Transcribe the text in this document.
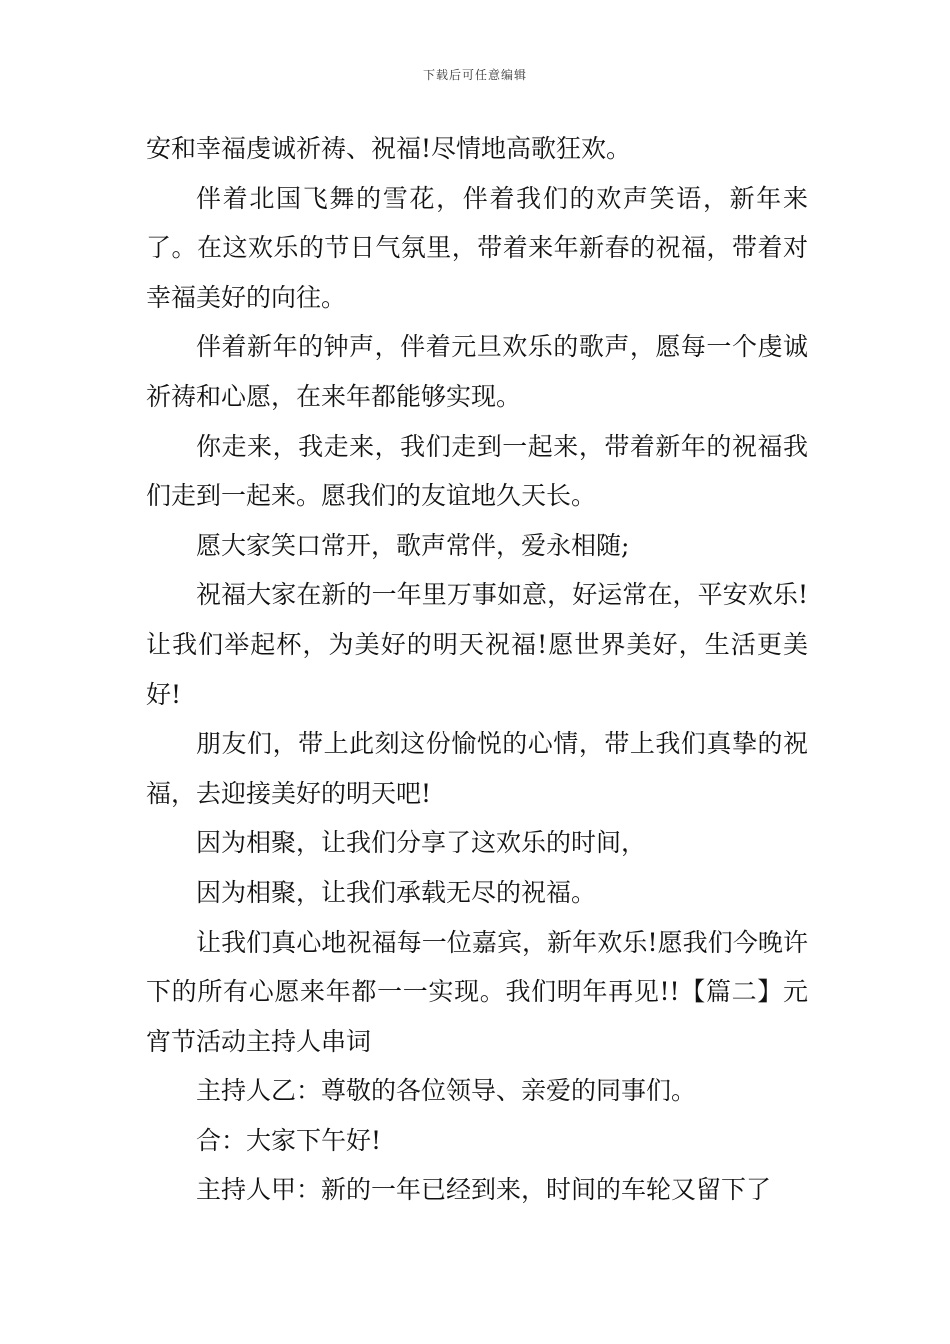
下载后可任意编辑

安和幸福虔诚祈祷、祝福!尽情地高歌狂欢。

伴着北国飞舞的雪花，伴着我们的欢声笑语，新年来了。在这欢乐的节日气氛里，带着来年新春的祝福，带着对幸福美好的向往。

伴着新年的钟声，伴着元旦欢乐的歌声，愿每一个虔诚祈祷和心愿，在来年都能够实现。

你走来，我走来，我们走到一起来，带着新年的祝福我们走到一起来。愿我们的友谊地久天长。

愿大家笑口常开，歌声常伴，爱永相随;

祝福大家在新的一年里万事如意，好运常在，平安欢乐!让我们举起杯，为美好的明天祝福!愿世界美好，生活更美好!

朋友们，带上此刻这份愉悦的心情，带上我们真挚的祝福，去迎接美好的明天吧!

因为相聚，让我们分享了这欢乐的时间，

因为相聚，让我们承载无尽的祝福。

让我们真心地祝福每一位嘉宾，新年欢乐!愿我们今晚许下的所有心愿来年都一一实现。我们明年再见!!【篇二】元宵节活动主持人串词

主持人乙：尊敬的各位领导、亲爱的同事们。

合：大家下午好!

主持人甲：新的一年已经到来，时间的车轮又留下了
